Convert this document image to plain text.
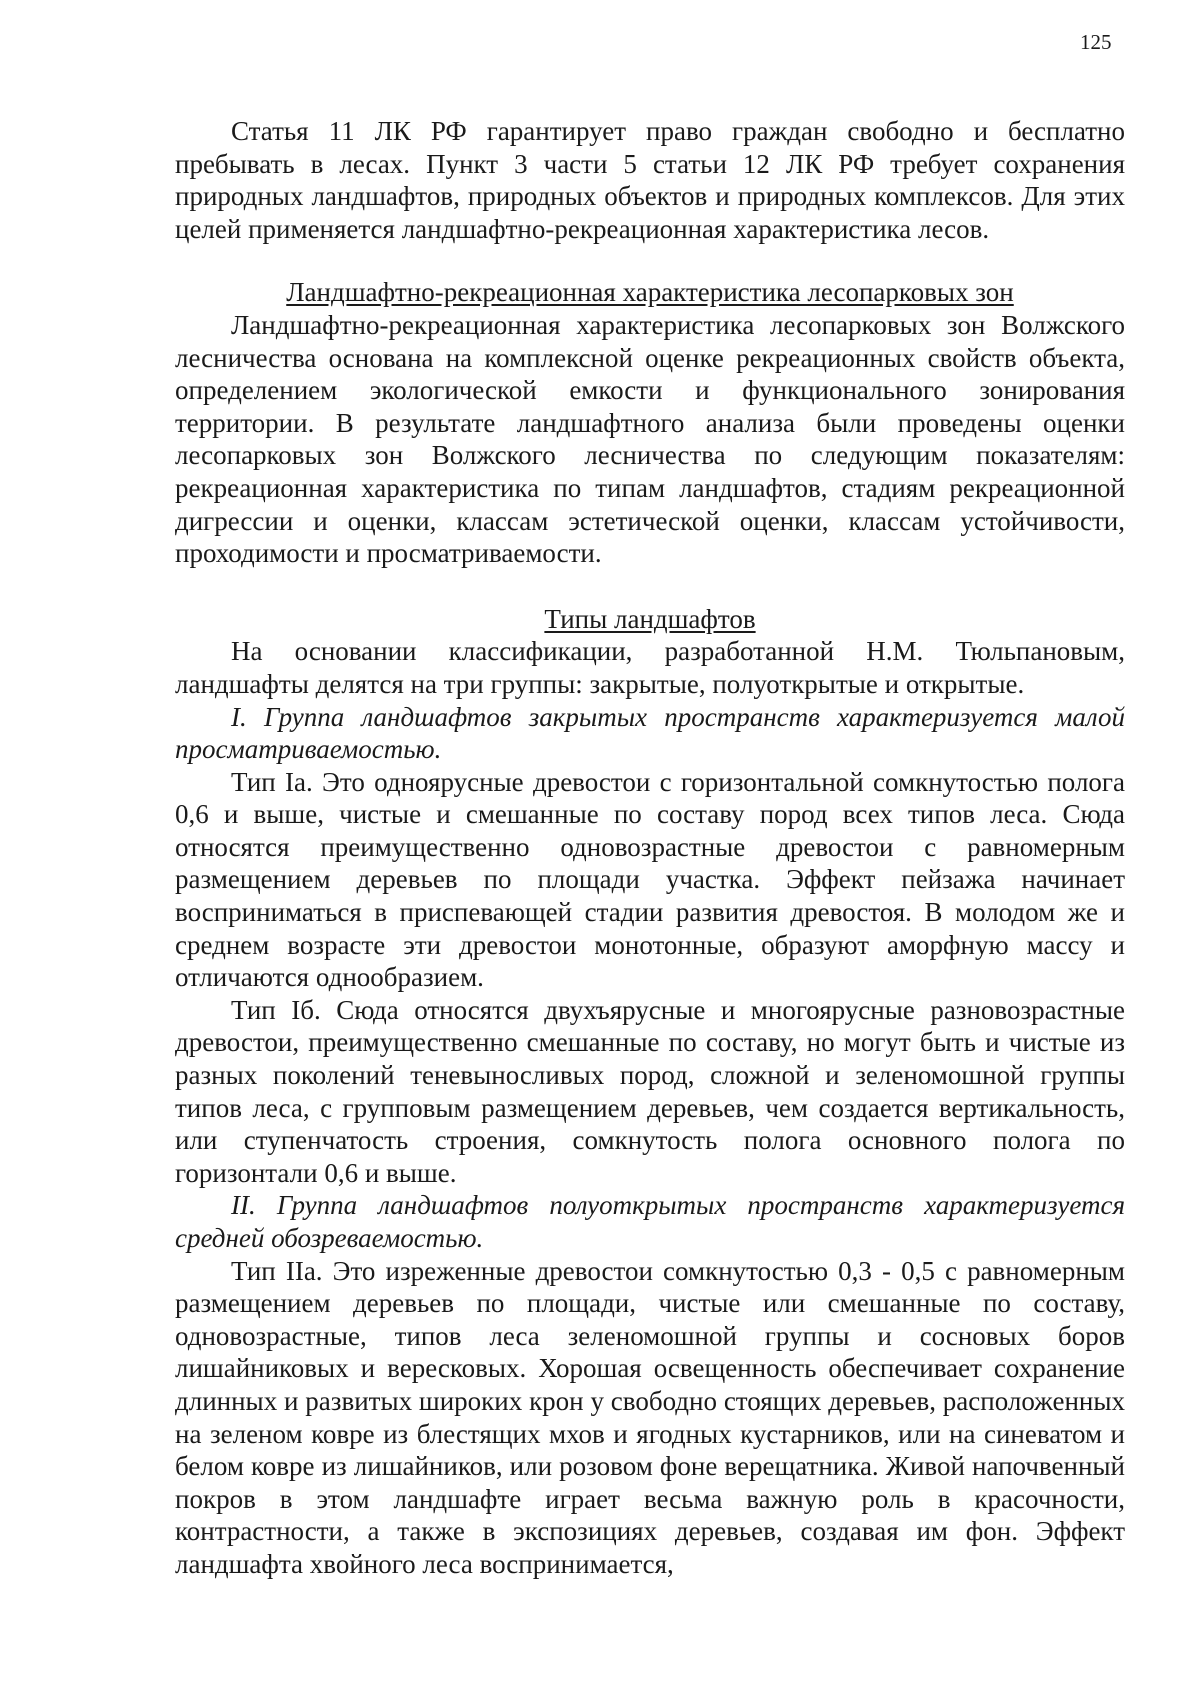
125

Статья 11 ЛК РФ гарантирует право граждан свободно и бесплатно пребывать в лесах. Пункт 3 части 5 статьи 12 ЛК РФ требует сохранения природных ландшафтов, природных объектов и природных комплексов. Для этих целей применяется ландшафтно-рекреационная характеристика лесов.

Ландшафтно-рекреационная характеристика лесопарковых зон

Ландшафтно-рекреационная характеристика лесопарковых зон Волжского лесничества основана на комплексной оценке рекреационных свойств объекта, определением экологической емкости и функционального зонирования территории. В результате ландшафтного анализа были проведены оценки лесопарковых зон Волжского лесничества по следующим показателям: рекреационная характеристика по типам ландшафтов, стадиям рекреационной дигрессии и оценки, классам эстетической оценки, классам устойчивости, проходимости и просматриваемости.

Типы ландшафтов

На основании классификации, разработанной Н.М. Тюльпановым, ландшафты делятся на три группы: закрытые, полуоткрытые и открытые.

I. Группа ландшафтов закрытых пространств характеризуется малой просматриваемостью.

Тип Iа. Это одноярусные древостои с горизонтальной сомкнутостью полога 0,6 и выше, чистые и смешанные по составу пород всех типов леса. Сюда относятся преимущественно одновозрастные древостои с равномерным размещением деревьев по площади участка. Эффект пейзажа начинает восприниматься в приспевающей стадии развития древостоя. В молодом же и среднем возрасте эти древостои монотонные, образуют аморфную массу и отличаются однообразием.

Тип Iб. Сюда относятся двухъярусные и многоярусные разновозрастные древостои, преимущественно смешанные по составу, но могут быть и чистые из разных поколений теневыносливых пород, сложной и зеленомошной группы типов леса, с групповым размещением деревьев, чем создается вертикальность, или ступенчатость строения, сомкнутость полога основного полога по горизонтали 0,6 и выше.

II. Группа ландшафтов полуоткрытых пространств характеризуется средней обозреваемостью.

Тип IIа. Это изреженные древостои сомкнутостью 0,3 - 0,5 с равномерным размещением деревьев по площади, чистые или смешанные по составу, одновозрастные, типов леса зеленомошной группы и сосновых боров лишайниковых и вересковых. Хорошая освещенность обеспечивает сохранение длинных и развитых широких крон у свободно стоящих деревьев, расположенных на зеленом ковре из блестящих мхов и ягодных кустарников, или на синеватом и белом ковре из лишайников, или розовом фоне верещатника. Живой напочвенный покров в этом ландшафте играет весьма важную роль в красочности, контрастности, а также в экспозициях деревьев, создавая им фон. Эффект ландшафта хвойного леса воспринимается,
